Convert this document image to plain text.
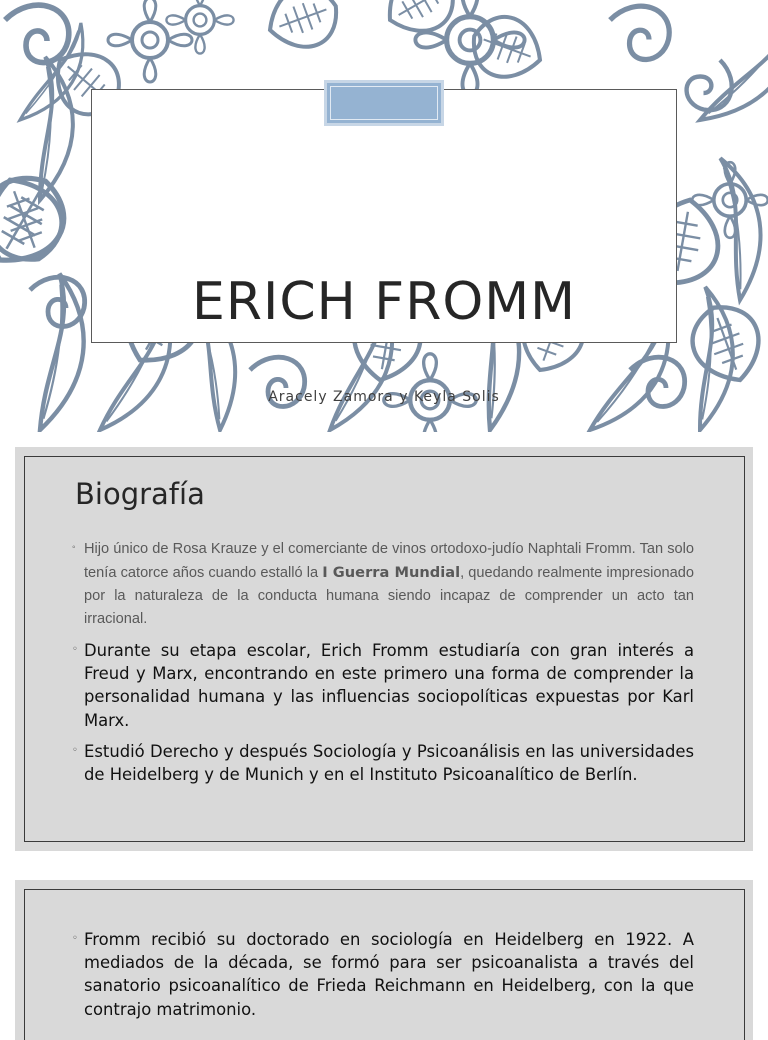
ERICH FROMM

Aracely Zamora y Keyla Solis

Biografía
◦ Hijo único de Rosa Krauze y el comerciante de vinos ortodoxo-judío Naphtali Fromm. Tan solo tenía catorce años cuando estalló la I Guerra Mundial, quedando realmente impresionado por la naturaleza de la conducta humana siendo incapaz de comprender un acto tan irracional.
◦ Durante su etapa escolar, Erich Fromm estudiaría con gran interés a Freud y Marx, encontrando en este primero una forma de comprender la personalidad humana y las influencias sociopolíticas expuestas por Karl Marx.
◦ Estudió Derecho y después Sociología y Psicoanálisis en las universidades de Heidelberg y de Munich y en el Instituto Psicoanalítico de Berlín.
◦ Fromm recibió su doctorado en sociología en Heidelberg en 1922. A mediados de la década, se formó para ser psicoanalista a través del sanatorio psicoanalítico de Frieda Reichmann en Heidelberg, con la que contrajo matrimonio.
